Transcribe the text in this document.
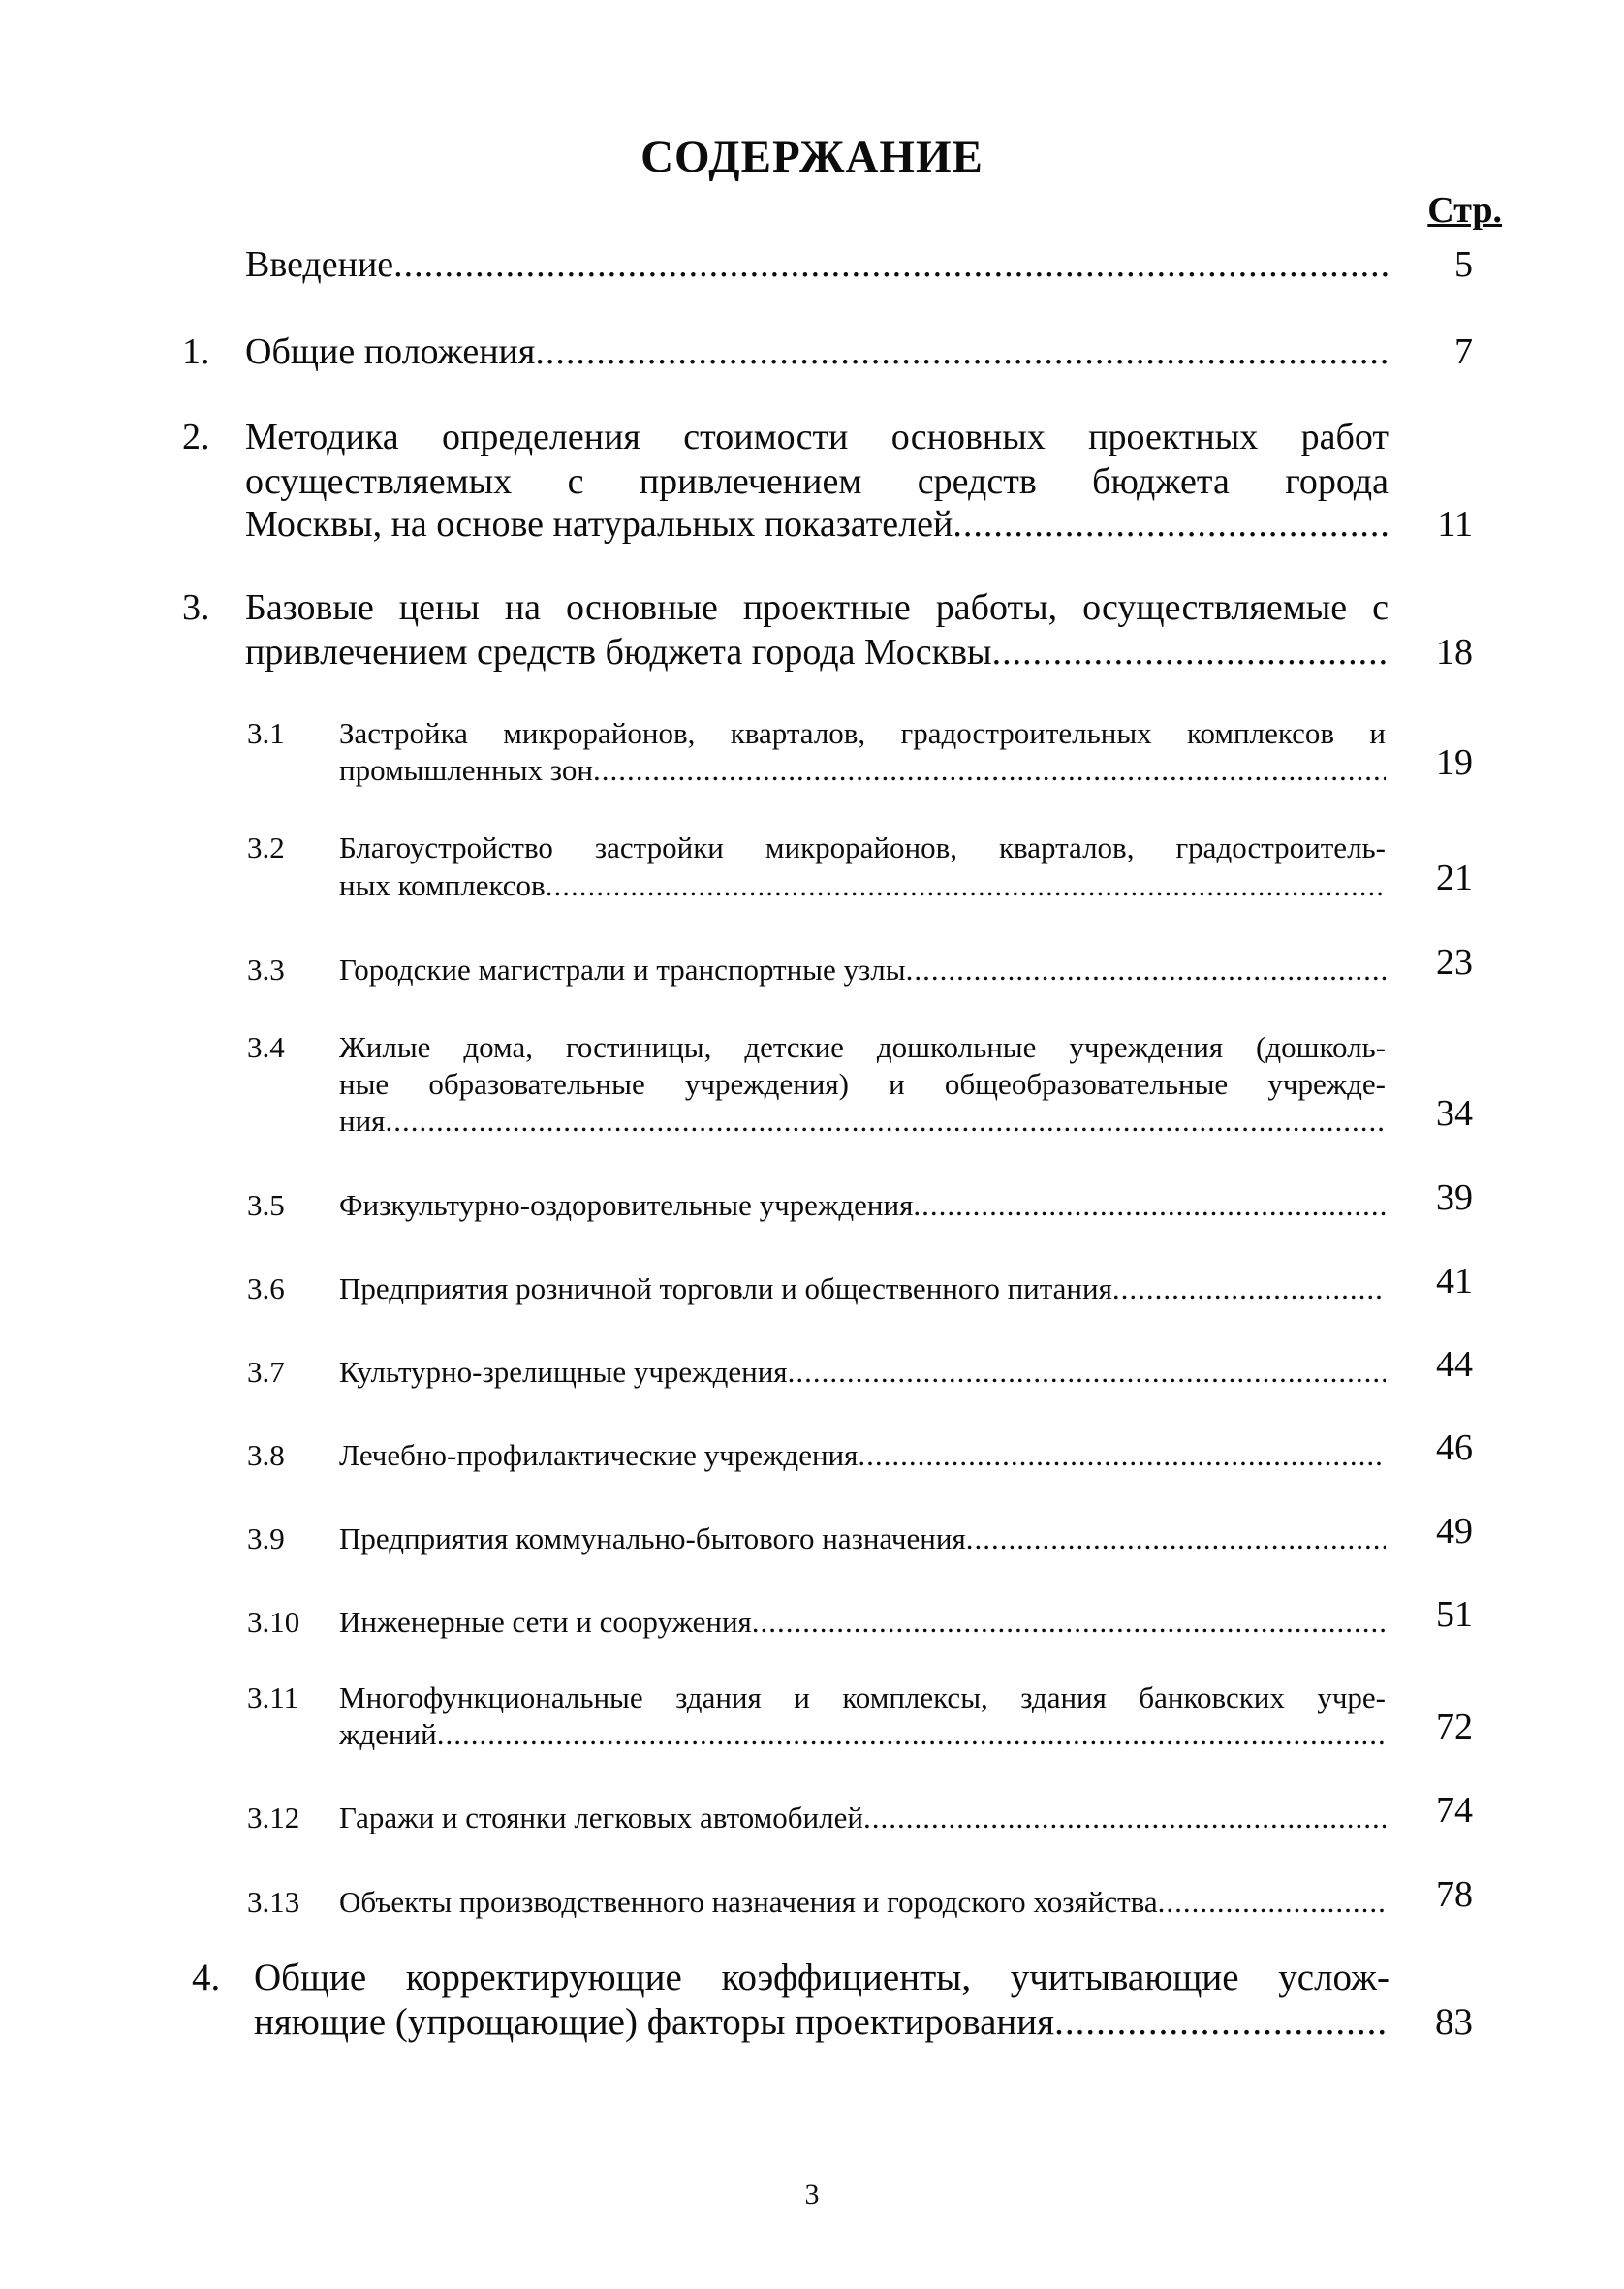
СОДЕРЖАНИЕ
Стр.
Введение .....	5
1. Общие положения .....	7
2. Методика определения стоимости основных проектных работ
осуществляемых с привлечением средств бюджета города
Москвы, на основе натуральных показателей .....	11
3. Базовые цены на основные проектные работы, осуществляемые с
привлечением средств бюджета города Москвы .....	18
3.1 Застройка микрорайонов, кварталов, градостроительных комплексов и
промышленных зон .....	19
3.2 Благоустройство застройки микрорайонов, кварталов, градостроитель-
ных комплексов .....	21
3.3 Городские магистрали и транспортные узлы .....	23
3.4 Жилые дома, гостиницы, детские дошкольные учреждения (дошколь-
ные образовательные учреждения) и общеобразовательные учрежде-
ния .....	34
3.5 Физкультурно-оздоровительные учреждения .....	39
3.6 Предприятия розничной торговли и общественного питания .....	41
3.7 Культурно-зрелищные учреждения .....	44
3.8 Лечебно-профилактические учреждения .....	46
3.9 Предприятия коммунально-бытового назначения .....	49
3.10 Инженерные сети и сооружения .....	51
3.11 Многофункциональные здания и комплексы, здания банковских учре-
ждений .....	72
3.12 Гаражи и стоянки легковых автомобилей .....	74
3.13 Объекты производственного назначения и городского хозяйства .....	78
4. Общие корректирующие коэффициенты, учитывающие услож-
няющие (упрощающие) факторы проектирования .....	83
3
